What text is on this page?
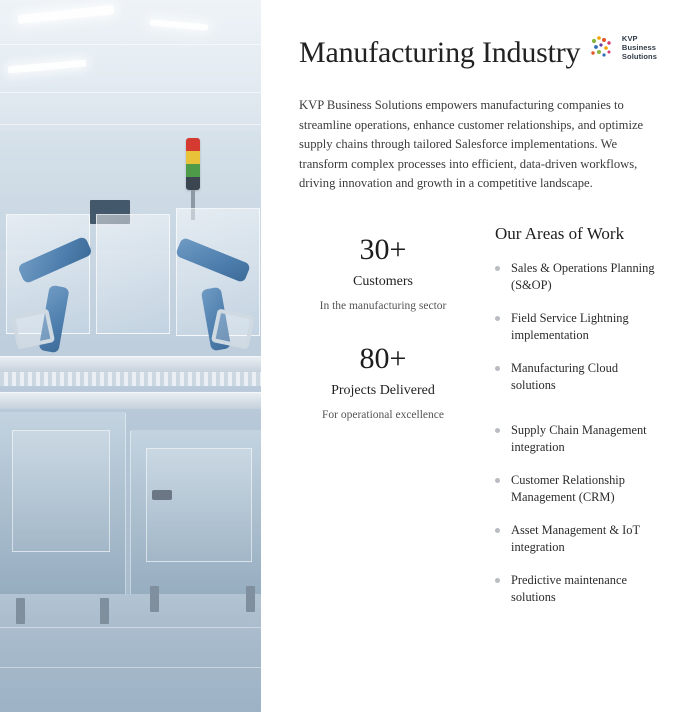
KVP
Business
Solutions
Manufacturing Industry

KVP Business Solutions empowers manufacturing companies to streamline operations, enhance customer relationships, and optimize supply chains through tailored Salesforce implementations. We transform complex processes into efficient, data-driven workflows, driving innovation and growth in a competitive landscape.

30+
Customers
In the manufacturing sector
80+
Projects Delivered
For operational excellence
Our Areas of Work
Sales & Operations Planning (S&OP)
Field Service Lightning implementation
Manufacturing Cloud solutions
Supply Chain Management integration
Customer Relationship Management (CRM)
Asset Management & IoT integration
Predictive maintenance solutions
